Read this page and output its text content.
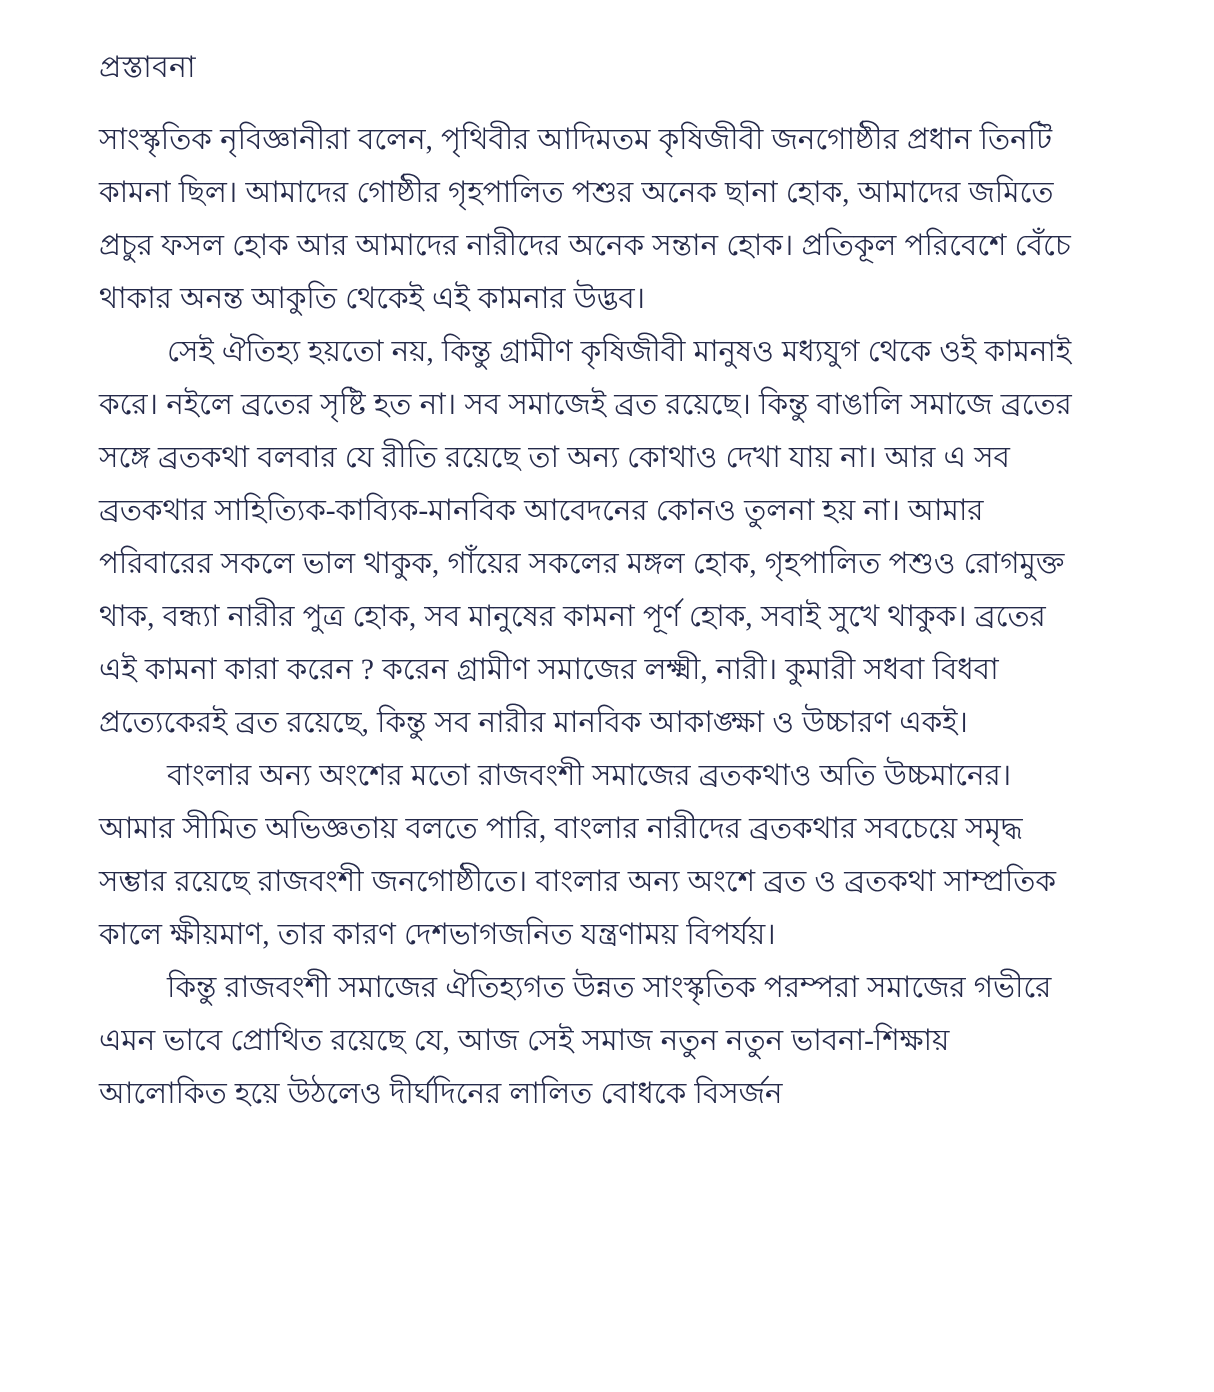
প্রস্তাবনা

সাংস্কৃতিক নৃবিজ্ঞানীরা বলেন, পৃথিবীর আদিমতম কৃষিজীবী জনগোষ্ঠীর প্রধান তিনটি কামনা ছিল। আমাদের গোষ্ঠীর গৃহপালিত পশুর অনেক ছানা হোক, আমাদের জমিতে প্রচুর ফসল হোক আর আমাদের নারীদের অনেক সন্তান হোক। প্রতিকূল পরিবেশে বেঁচে থাকার অনন্ত আকুতি থেকেই এই কামনার উদ্ভব।

সেই ঐতিহ্য হয়তো নয়, কিন্তু গ্রামীণ কৃষিজীবী মানুষও মধ্যযুগ থেকে ওই কামনাই করে। নইলে ব্রতের সৃষ্টি হত না। সব সমাজেই ব্রত রয়েছে। কিন্তু বাঙালি সমাজে ব্রতের সঙ্গে ব্রতকথা বলবার যে রীতি রয়েছে তা অন্য কোথাও দেখা যায় না। আর এ সব ব্রতকথার সাহিত্যিক-কাব্যিক-মানবিক আবেদনের কোনও তুলনা হয় না। আমার পরিবারের সকলে ভাল থাকুক, গাঁয়ের সকলের মঙ্গল হোক, গৃহপালিত পশু‌ও রোগমুক্ত থাক, বন্ধ্যা নারীর পুত্র হোক, সব মানুষের কামনা পূর্ণ হোক, সবাই সুখে থাকুক। ব্রতের এই কামনা কারা করেন ? করেন গ্রামীণ সমাজের লক্ষ্মী, নারী। কুমারী সধবা বিধবা প্রত্যেকেরই ব্রত রয়েছে, কিন্তু সব নারীর মানবিক আকাঙ্ক্ষা ও উচ্চারণ একই।

বাংলার অন্য অংশের মতো রাজবংশী সমাজের ব্রতকথাও অতি উচ্চমানের। আমার সীমিত অভিজ্ঞতায় বলতে পারি, বাংলার নারীদের ব্রতকথার সবচেয়ে সমৃদ্ধ সম্ভার রয়েছে রাজবংশী জনগোষ্ঠীতে। বাংলার অন্য অংশে ব্রত ও ব্রতকথা সাম্প্রতিক কালে ক্ষীয়মাণ, তার কারণ দেশভাগজনিত যন্ত্রণাময় বিপর্যয়।

কিন্তু রাজবংশী সমাজের ঐতিহ্যগত উন্নত সাংস্কৃতিক পরম্পরা সমাজের গভীরে এমন ভাবে প্রোথিত রয়েছে যে, আজ সেই সমাজ নতুন নতুন ভাবনা-শিক্ষায় আলোকিত হয়ে উঠলেও দীর্ঘদিনের লালিত বোধকে বিসর্জন
